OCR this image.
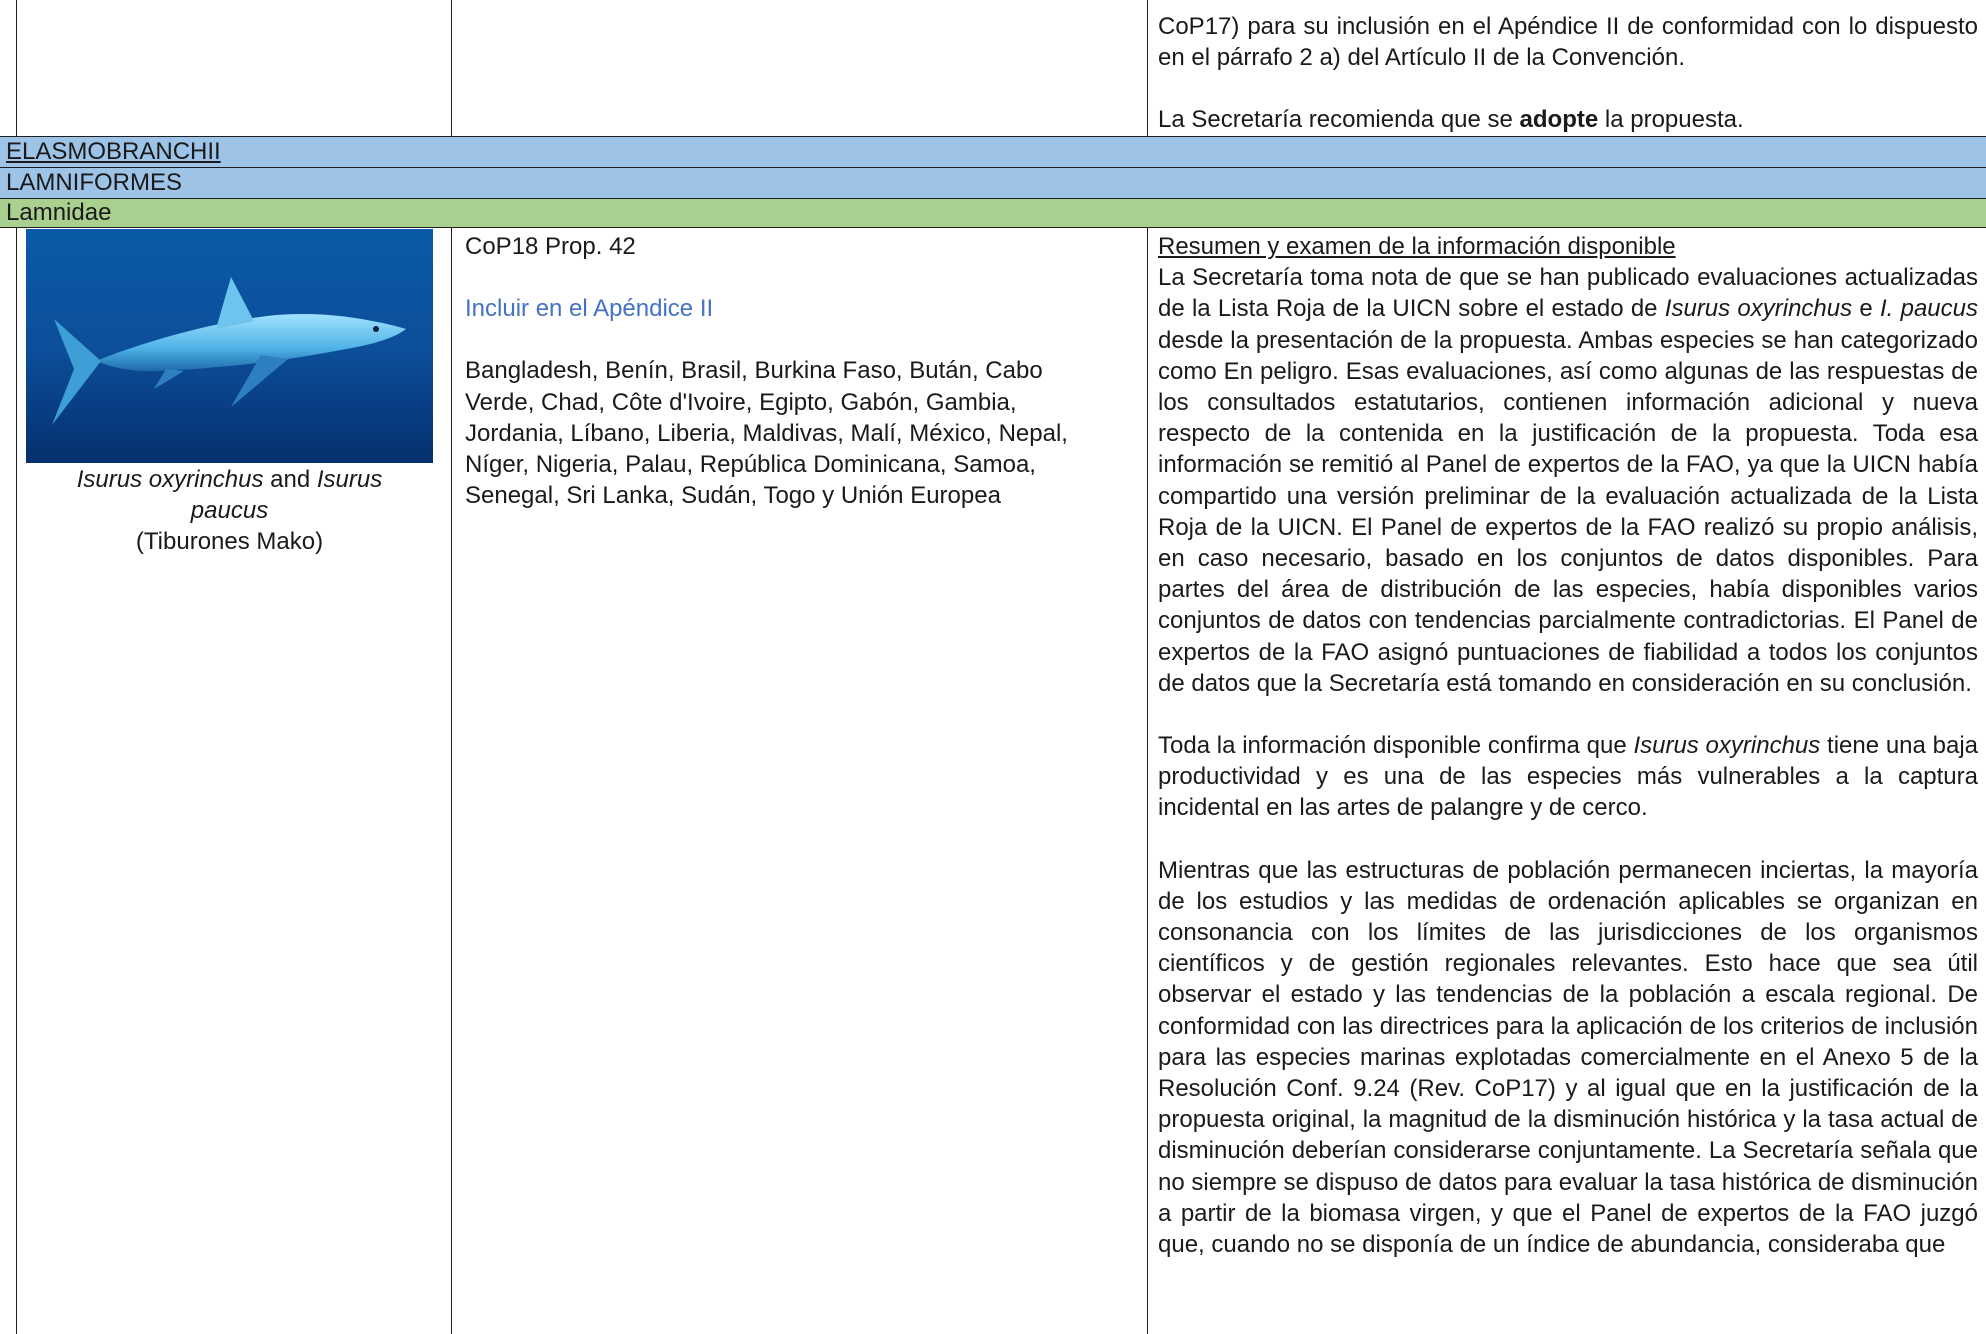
CoP17) para su inclusión en el Apéndice II de conformidad con lo dispuesto en el párrafo 2 a) del Artículo II de la Convención.

La Secretaría recomienda que se adopte la propuesta.

ELASMOBRANCHII
LAMNIFORMES
Lamnidae
Isurus oxyrinchus and Isurus
paucus
(Tiburones Mako)

CoP18 Prop. 42

Incluir en el Apéndice II

Bangladesh, Benín, Brasil, Burkina Faso, Bután, Cabo Verde, Chad, Côte d'Ivoire, Egipto, Gabón, Gambia, Jordania, Líbano, Liberia, Maldivas, Malí, México, Nepal, Níger, Nigeria, Palau, República Dominicana, Samoa, Senegal, Sri Lanka, Sudán, Togo y Unión Europea

Resumen y examen de la información disponible

La Secretaría toma nota de que se han publicado evaluaciones actualizadas de la Lista Roja de la UICN sobre el estado de Isurus oxyrinchus e I. paucus desde la presentación de la propuesta. Ambas especies se han categorizado como En peligro. Esas evaluaciones, así como algunas de las respuestas de los consultados estatutarios, contienen información adicional y nueva respecto de la contenida en la justificación de la propuesta. Toda esa información se remitió al Panel de expertos de la FAO, ya que la UICN había compartido una versión preliminar de la evaluación actualizada de la Lista Roja de la UICN. El Panel de expertos de la FAO realizó su propio análisis, en caso necesario, basado en los conjuntos de datos disponibles. Para partes del área de distribución de las especies, había disponibles varios conjuntos de datos con tendencias parcialmente contradictorias. El Panel de expertos de la FAO asignó puntuaciones de fiabilidad a todos los conjuntos de datos que la Secretaría está tomando en consideración en su conclusión.

Toda la información disponible confirma que Isurus oxyrinchus tiene una baja productividad y es una de las especies más vulnerables a la captura incidental en las artes de palangre y de cerco.

Mientras que las estructuras de población permanecen inciertas, la mayoría de los estudios y las medidas de ordenación aplicables se organizan en consonancia con los límites de las jurisdicciones de los organismos científicos y de gestión regionales relevantes. Esto hace que sea útil observar el estado y las tendencias de la población a escala regional. De conformidad con las directrices para la aplicación de los criterios de inclusión para las especies marinas explotadas comercialmente en el Anexo 5 de la Resolución Conf. 9.24 (Rev. CoP17) y al igual que en la justificación de la propuesta original, la magnitud de la disminución histórica y la tasa actual de disminución deberían considerarse conjuntamente. La Secretaría señala que no siempre se dispuso de datos para evaluar la tasa histórica de disminución a partir de la biomasa virgen, y que el Panel de expertos de la FAO juzgó que, cuando no se disponía de un índice de abundancia, consideraba que
